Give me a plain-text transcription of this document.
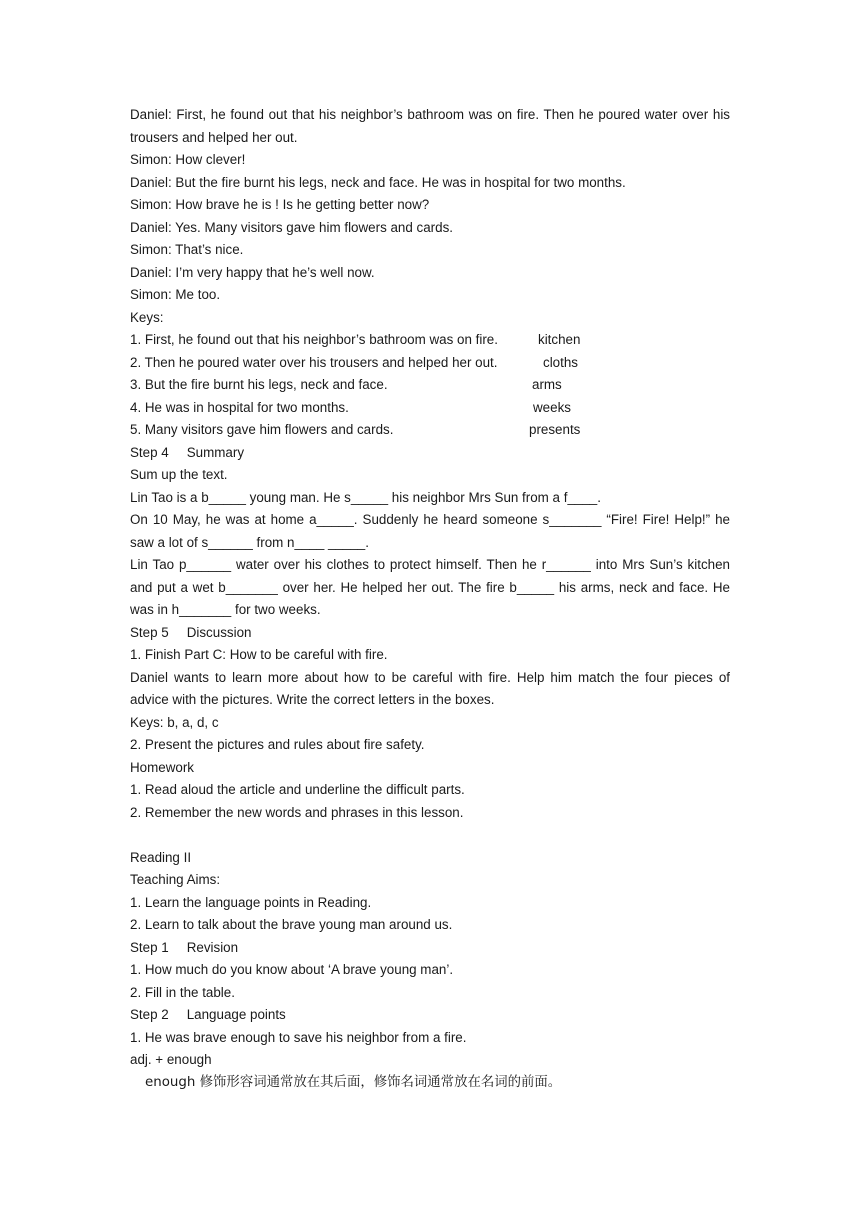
Daniel: First, he found out that his neighbor’s bathroom was on fire. Then he poured water over his trousers and helped her out.
Simon: How clever!
Daniel: But the fire burnt his legs, neck and face. He was in hospital for two months.
Simon: How brave he is ! Is he getting better now?
Daniel: Yes. Many visitors gave him flowers and cards.
Simon: That’s nice.
Daniel: I’m very happy that he’s well now.
Simon: Me too.
Keys:
1. First, he found out that his neighbor’s bathroom was on fire.	kitchen
2. Then he poured water over his trousers and helped her out.	cloths
3. But the fire burnt his legs, neck and face.	arms
4. He was in hospital for two months.	weeks
5. Many visitors gave him flowers and cards.	presents
Step 4 Summary
Sum up the text.
Lin Tao is a b_____ young man. He s_____ his neighbor Mrs Sun from a f____.
On 10 May, he was at home a_____. Suddenly he heard someone s_______ “Fire! Fire! Help!” he saw a lot of s______ from n____ _____.
Lin Tao p______ water over his clothes to protect himself. Then he r______ into Mrs Sun’s kitchen and put a wet b_______ over her. He helped her out. The fire b_____ his arms, neck and face. He was in h_______ for two weeks.
Step 5 Discussion
1. Finish Part C: How to be careful with fire.
Daniel wants to learn more about how to be careful with fire. Help him match the four pieces of advice with the pictures. Write the correct letters in the boxes.
Keys: b, a, d, c
2. Present the pictures and rules about fire safety.
Homework
1. Read aloud the article and underline the difficult parts.
2. Remember the new words and phrases in this lesson.
Reading II
Teaching Aims:
1. Learn the language points in Reading.
2. Learn to talk about the brave young man around us.
Step 1 Revision
1. How much do you know about ‘A brave young man’.
2. Fill in the table.
Step 2 Language points
1. He was brave enough to save his neighbor from a fire.
adj. + enough
enough 修饰形容词通常放在其后面，修饰名词通常放在名词的前面。
